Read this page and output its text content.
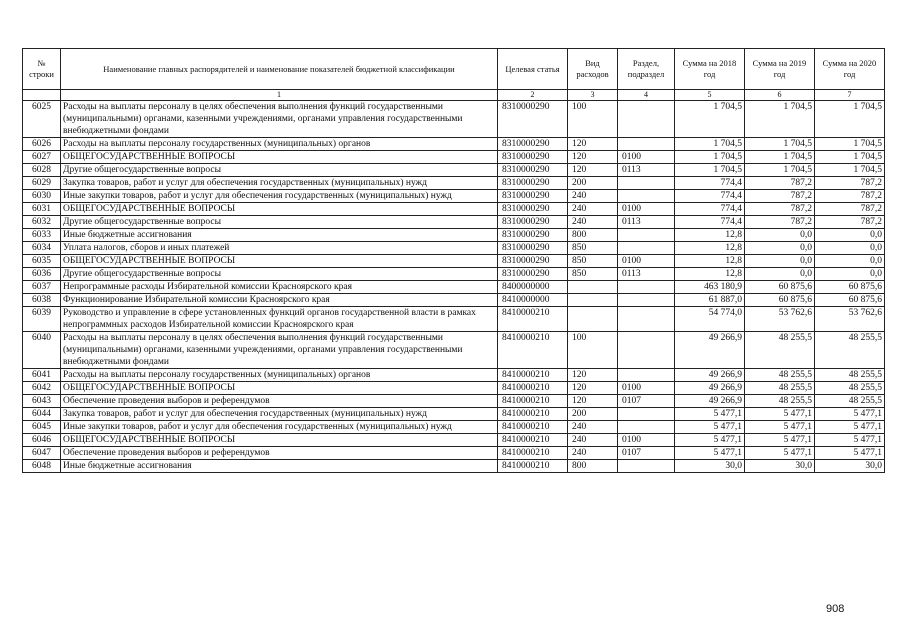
№ строки	Наименование главных распорядителей и наименование показателей бюджетной классификации	Целевая статья	Вид расходов	Раздел, подраздел	Сумма на 2018 год	Сумма на 2019 год	Сумма на 2020 год
	1	2	3	4	5	6	7
6025	Расходы на выплаты персоналу в целях обеспечения выполнения функций государственными (муниципальными) органами, казенными учреждениями, органами управления государственными внебюджетными фондами	8310000290	100		1 704,5	1 704,5	1 704,5
6026	Расходы на выплаты персоналу государственных (муниципальных) органов	8310000290	120		1 704,5	1 704,5	1 704,5
6027	ОБЩЕГОСУДАРСТВЕННЫЕ ВОПРОСЫ	8310000290	120	0100	1 704,5	1 704,5	1 704,5
6028	Другие общегосударственные вопросы	8310000290	120	0113	1 704,5	1 704,5	1 704,5
6029	Закупка товаров, работ и услуг для обеспечения государственных (муниципальных) нужд	8310000290	200		774,4	787,2	787,2
6030	Иные закупки товаров, работ и услуг для обеспечения государственных (муниципальных) нужд	8310000290	240		774,4	787,2	787,2
6031	ОБЩЕГОСУДАРСТВЕННЫЕ ВОПРОСЫ	8310000290	240	0100	774,4	787,2	787,2
6032	Другие общегосударственные вопросы	8310000290	240	0113	774,4	787,2	787,2
6033	Иные бюджетные ассигнования	8310000290	800		12,8	0,0	0,0
6034	Уплата налогов, сборов и иных платежей	8310000290	850		12,8	0,0	0,0
6035	ОБЩЕГОСУДАРСТВЕННЫЕ ВОПРОСЫ	8310000290	850	0100	12,8	0,0	0,0
6036	Другие общегосударственные вопросы	8310000290	850	0113	12,8	0,0	0,0
6037	Непрограммные расходы Избирательной комиссии Красноярского края	8400000000			463 180,9	60 875,6	60 875,6
6038	Функционирование Избирательной комиссии Красноярского края	8410000000			61 887,0	60 875,6	60 875,6
6039	Руководство и управление в сфере установленных функций органов государственной власти в рамках непрограммных расходов Избирательной комиссии Красноярского края	8410000210			54 774,0	53 762,6	53 762,6
6040	Расходы на выплаты персоналу в целях обеспечения выполнения функций государственными (муниципальными) органами, казенными учреждениями, органами управления государственными внебюджетными фондами	8410000210	100		49 266,9	48 255,5	48 255,5
6041	Расходы на выплаты персоналу государственных (муниципальных) органов	8410000210	120		49 266,9	48 255,5	48 255,5
6042	ОБЩЕГОСУДАРСТВЕННЫЕ ВОПРОСЫ	8410000210	120	0100	49 266,9	48 255,5	48 255,5
6043	Обеспечение проведения выборов и референдумов	8410000210	120	0107	49 266,9	48 255,5	48 255,5
6044	Закупка товаров, работ и услуг для обеспечения государственных (муниципальных) нужд	8410000210	200		5 477,1	5 477,1	5 477,1
6045	Иные закупки товаров, работ и услуг для обеспечения государственных (муниципальных) нужд	8410000210	240		5 477,1	5 477,1	5 477,1
6046	ОБЩЕГОСУДАРСТВЕННЫЕ ВОПРОСЫ	8410000210	240	0100	5 477,1	5 477,1	5 477,1
6047	Обеспечение проведения выборов и референдумов	8410000210	240	0107	5 477,1	5 477,1	5 477,1
6048	Иные бюджетные ассигнования	8410000210	800		30,0	30,0	30,0
908
